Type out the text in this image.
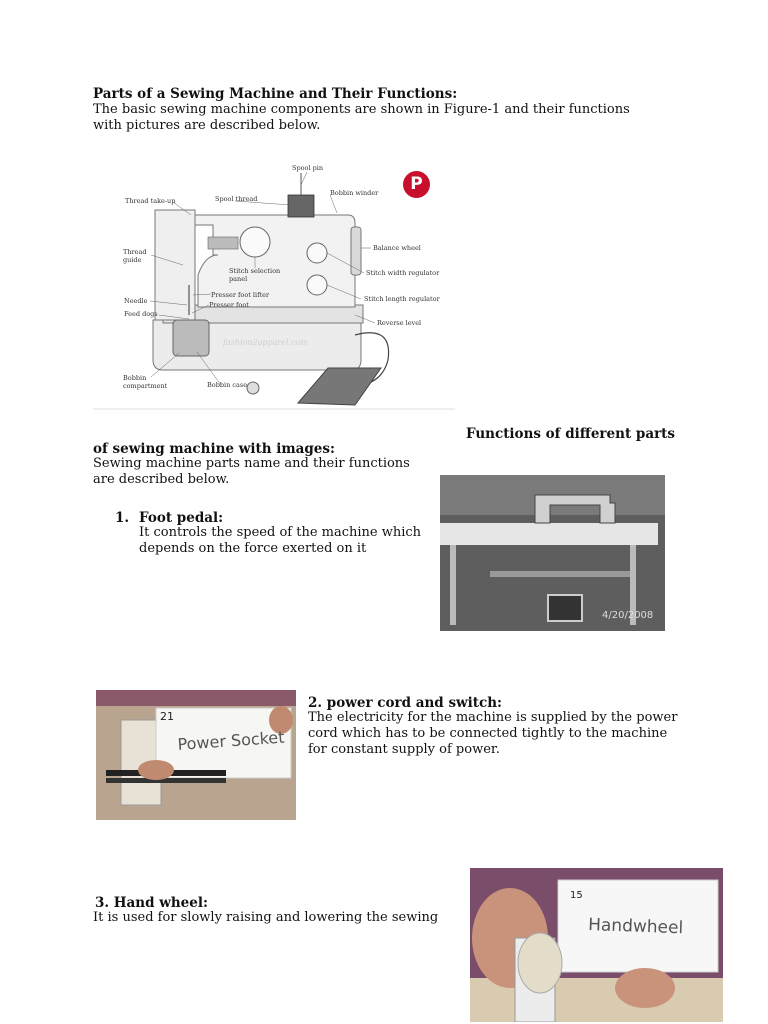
Parts of a Sewing Machine and Their Functions:
The basic sewing machine components are shown in Figure-1 and their functions with pictures are described below.
Spool pin
Thread take-up	Spool thread
Bobbin winder
Balance wheel
Thread
guide
Stitch selection
panel
Stitch width regulator
Presser foot lifter
Presser foot
Stitch length regulator
Needle
Feed dogs
Reverse level
Bobbin
compartment	Bobbin case
fashion2apparel.com
P
Functions of different parts
of sewing machine with images:
Sewing machine parts name and their functions are described below.
1. Foot pedal:
It controls the speed of the machine which depends on the force exerted on it
4/20/2008
21
Power Socket
2. power cord and switch:
The electricity for the machine is supplied by the power cord which has to be connected tightly to the machine for constant supply of power.
3. Hand wheel:
It is used for slowly raising and lowering the sewing
15
Handwheel
